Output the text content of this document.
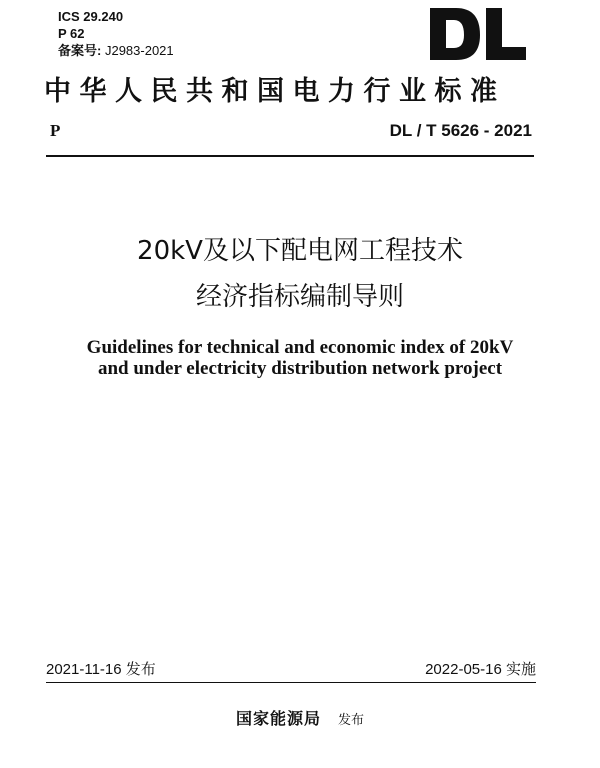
ICS 29.240
P 62
备案号: J2983-2021
中华人民共和国电力行业标准
P	DL / T 5626 - 2021
20kV及以下配电网工程技术
经济指标编制导则
Guidelines for technical and economic index of 20kV
and under electricity distribution network project
2021-11-16 发布	2022-05-16 实施
国家能源局 发布
